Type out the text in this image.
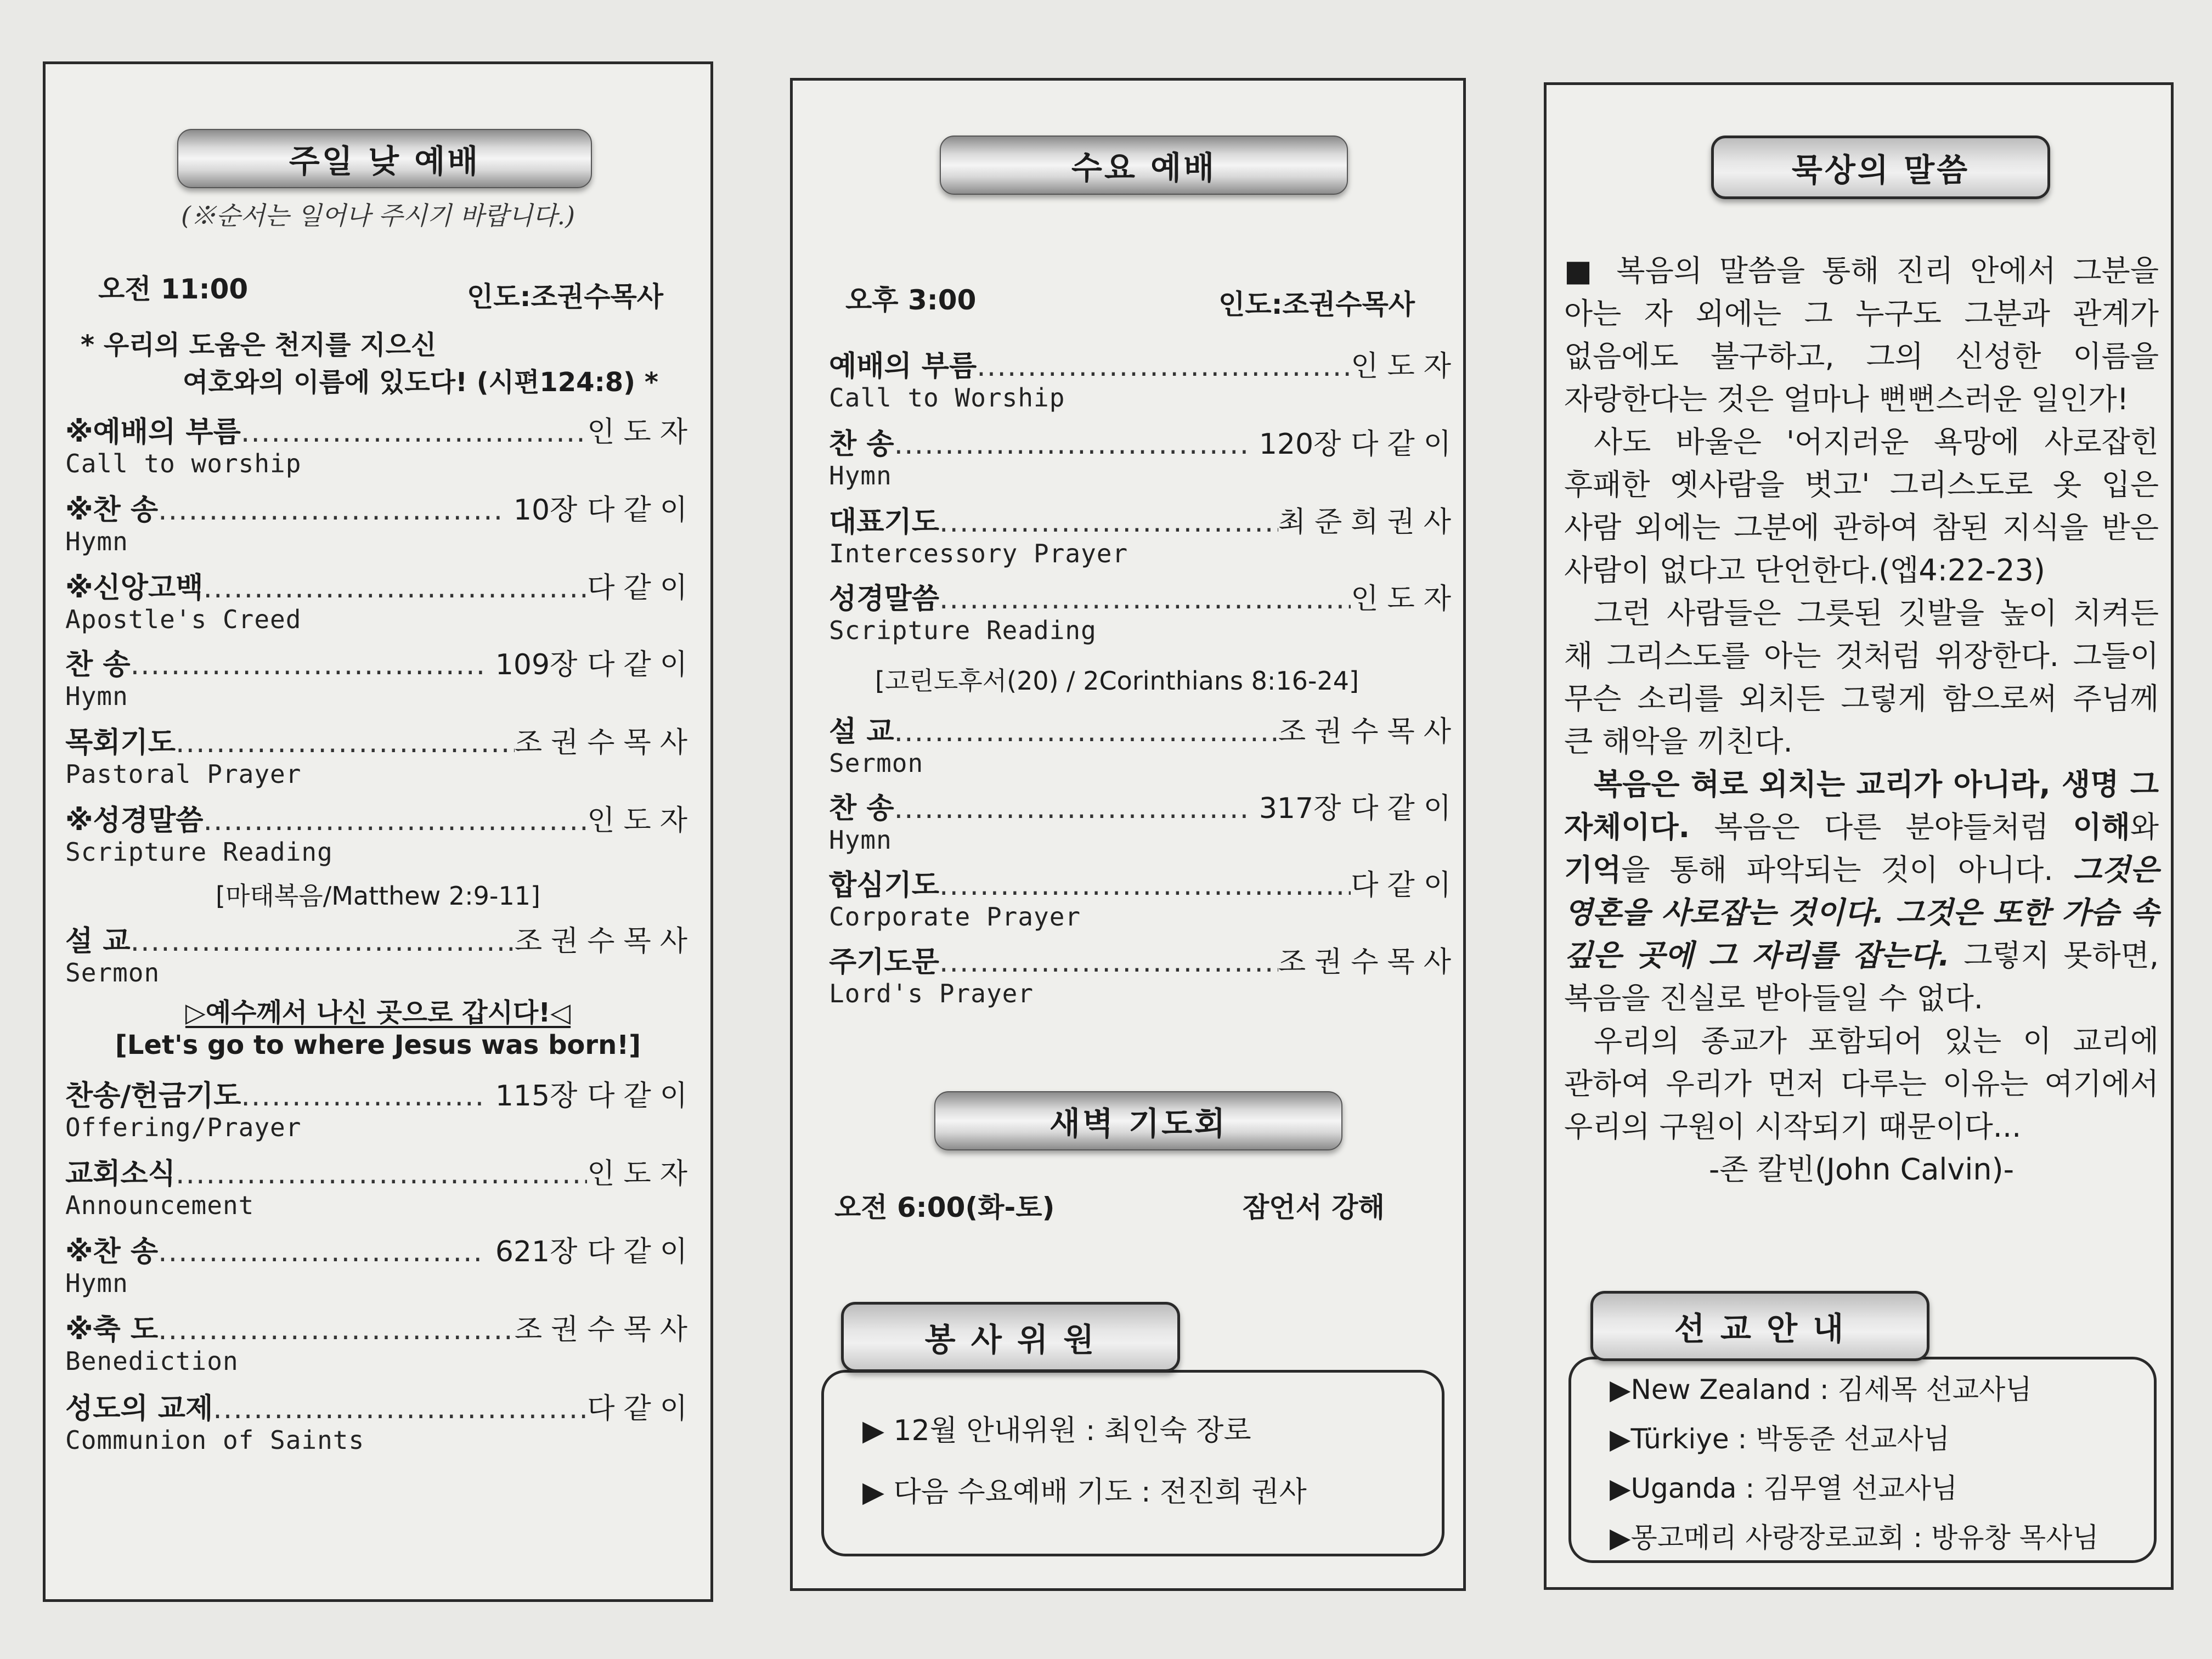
주일 낮 예배
(※순서는 일어나 주시기 바랍니다.)
오전 11:00	인도:조권수목사
* 우리의 도움은 천지를 지으신
여호와의 이름에 있도다! (시편124:8) *
※예배의 부름 .....	인도자
Call to worship
※찬 송 .....	10장 다같이
Hymn
※신앙고백 .....	다같이
Apostle's Creed
찬 송 .....	109장 다같이
Hymn
목회기도 .....	조권수목사
Pastoral Prayer
※성경말씀 .....	인도자
Scripture Reading
설 교 .....	조권수목사
Sermon
찬송/헌금기도 .....	115장 다같이
Offering/Prayer
교회소식 .....	인도자
Announcement
※찬 송 .....	621장 다같이
Hymn
※축 도 .....	조권수목사
Benediction
성도의 교제 .....	다같이
Communion of Saints
[마태복음/Matthew 2:9-11]
▷예수께서 나신 곳으로 갑시다!◁
[Let's go to where Jesus was born!]
수요 예배
오후 3:00	인도:조권수목사
예배의 부름 .....	인도자
Call to Worship
찬 송 .....	120장 다같이
Hymn
대표기도 .....	최준희권사
Intercessory Prayer
성경말씀 .....	인도자
Scripture Reading
설 교 .....	조권수목사
Sermon
찬 송 .....	317장 다같이
Hymn
합심기도 .....	다같이
Corporate Prayer
주기도문 .....	조권수목사
Lord's Prayer
[고린도후서(20) / 2Corinthians 8:16-24]
새벽 기도회
오전 6:00(화-토)	잠언서 강해
▶ 12월 안내위원 : 최인숙 장로
▶ 다음 수요예배 기도 : 전진희 권사
봉 사 위 원
묵상의 말씀

■ 복음의 말씀을 통해 진리 안에서 그분을 아는 자 외에는 그 누구도 그분과 관계가 없음에도 불구하고, 그의 신성한 이름을 자랑한다는 것은 얼마나 뻔뻔스러운 일인가!

사도 바울은 '어지러운 욕망에 사로잡힌 후패한 옛사람을 벗고' 그리스도로 옷 입은 사람 외에는 그분에 관하여 참된 지식을 받은 사람이 없다고 단언한다.(엡4:22-23)

그런 사람들은 그릇된 깃발을 높이 치켜든 채 그리스도를 아는 것처럼 위장한다. 그들이 무슨 소리를 외치든 그렇게 함으로써 주님께 큰 해악을 끼친다.

복음은 혀로 외치는 교리가 아니라, 생명 그 자체이다. 복음은 다른 분야들처럼 이해와 기억을 통해 파악되는 것이 아니다. 그것은 영혼을 사로잡는 것이다. 그것은 또한 가슴 속 깊은 곳에 그 자리를 잡는다. 그렇지 못하면, 복음을 진실로 받아들일 수 없다.

우리의 종교가 포함되어 있는 이 교리에 관하여 우리가 먼저 다루는 이유는 여기에서 우리의 구원이 시작되기 때문이다...

-존 칼빈(John Calvin)-

▶New Zealand : 김세목 선교사님
▶Türkiye : 박동준 선교사님
▶Uganda : 김무열 선교사님
▶몽고메리 사랑장로교회 : 방유창 목사님
선 교 안 내
